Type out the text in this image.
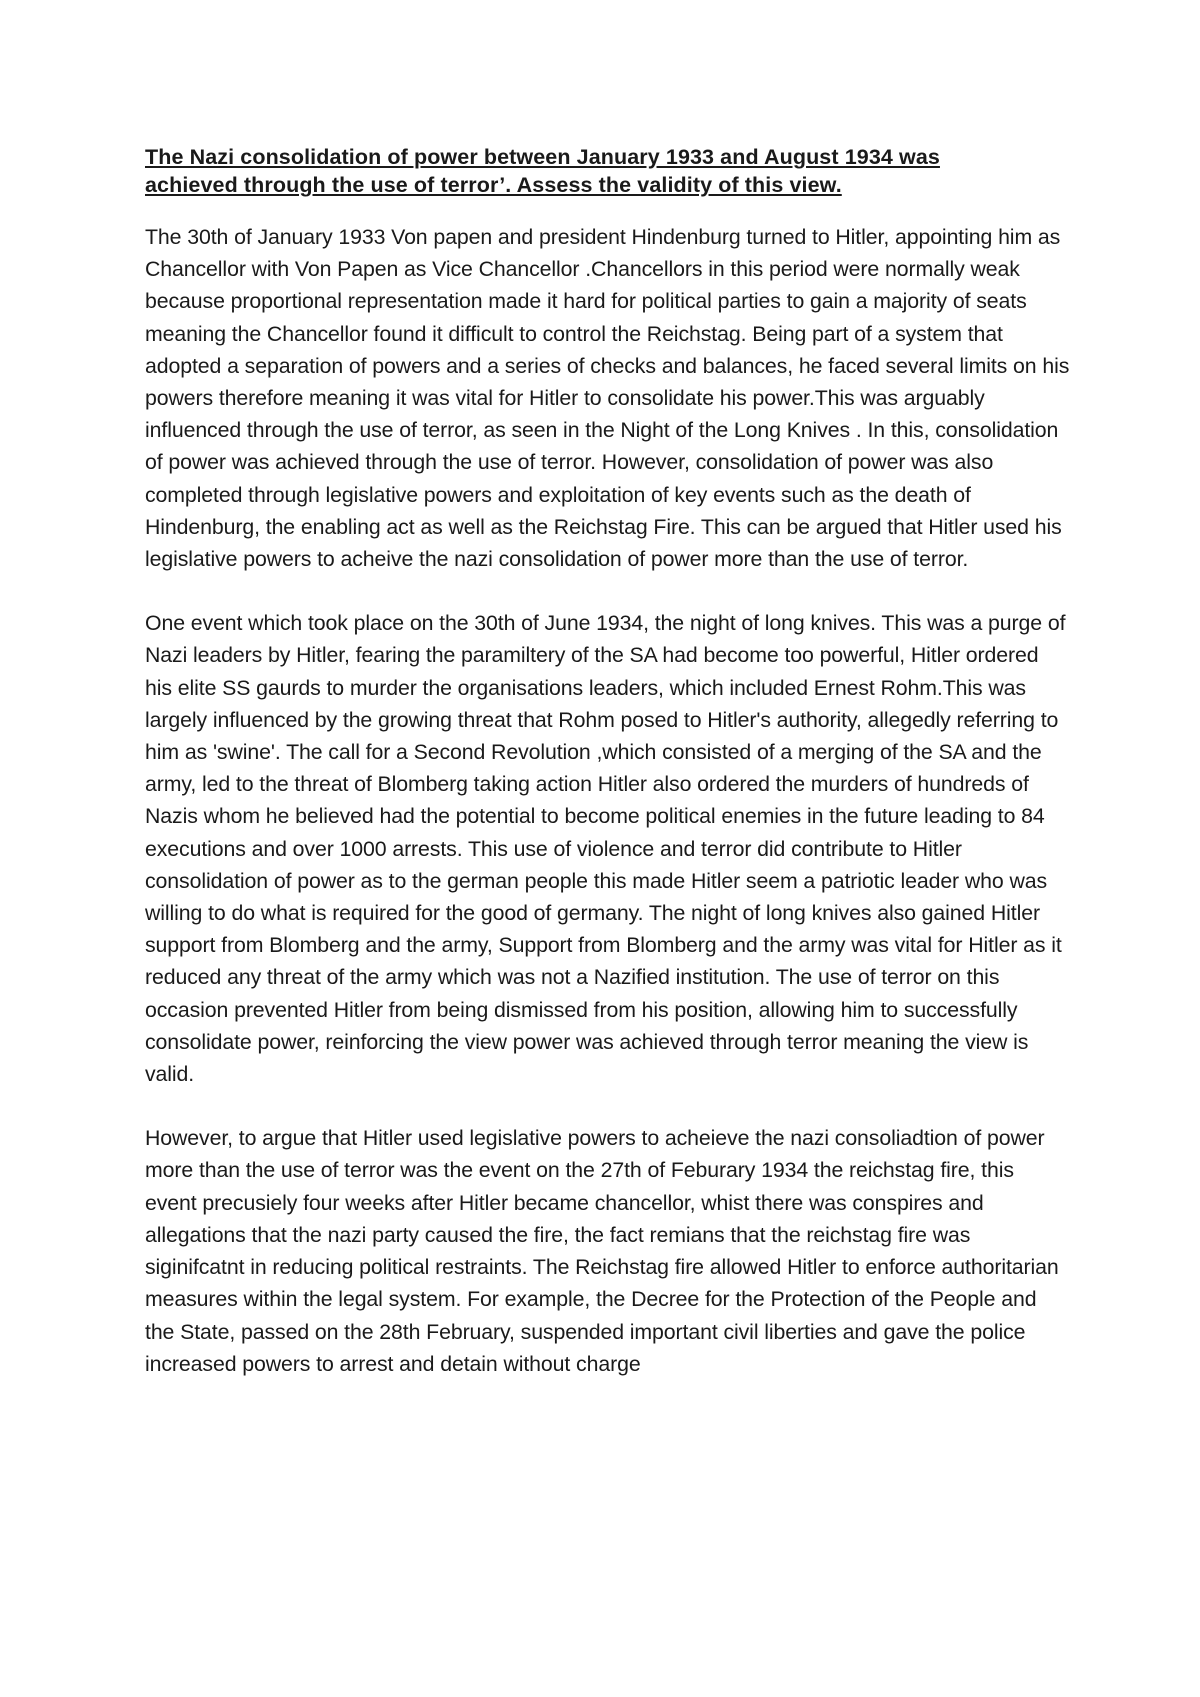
The Nazi consolidation of power between January 1933 and August 1934 was
achieved through the use of terror’. Assess the validity of this view.

The 30th of January 1933 Von papen and president Hindenburg turned to Hitler, appointing him as Chancellor with Von Papen as Vice Chancellor .Chancellors in this period were normally weak because proportional representation made it hard for political parties to gain a majority of seats meaning the Chancellor found it difficult to control the Reichstag. Being part of a system that adopted a separation of powers and a series of checks and balances, he faced several limits on his powers therefore meaning it was vital for Hitler to consolidate his power.This was arguably influenced through the use of terror, as seen in the Night of the Long Knives . In this, consolidation of power was achieved through the use of terror. However, consolidation of power was also completed through legislative powers and exploitation of key events such as the death of Hindenburg, the enabling act as well as the Reichstag Fire. This can be argued that Hitler used his legislative powers to acheive the nazi consolidation of power more than the use of terror.

One event which took place on the 30th of June 1934, the night of long knives. This was a purge of Nazi leaders by Hitler, fearing the paramiltery of the SA had become too powerful, Hitler ordered his elite SS gaurds to murder the organisations leaders, which included Ernest Rohm.This was largely influenced by the growing threat that Rohm posed to Hitler's authority, allegedly referring to him as 'swine'. The call for a Second Revolution ,which consisted of a merging of the SA and the army, led to the threat of Blomberg taking action Hitler also ordered the murders of hundreds of Nazis whom he believed had the potential to become political enemies in the future leading to 84 executions and over 1000 arrests. This use of violence and terror did contribute to Hitler consolidation of power as to the german people this made Hitler seem a patriotic leader who was willing to do what is required for the good of germany. The night of long knives also gained Hitler support from Blomberg and the army, Support from Blomberg and the army was vital for Hitler as it reduced any threat of the army which was not a Nazified institution. The use of terror on this occasion prevented Hitler from being dismissed from his position, allowing him to successfully consolidate power, reinforcing the view power was achieved through terror meaning the view is valid.

However, to argue that Hitler used legislative powers to acheieve the nazi consoliadtion of power more than the use of terror was the event on the 27th of Feburary 1934 the reichstag fire, this event precusiely four weeks after Hitler became chancellor, whist there was conspires and allegations that the nazi party caused the fire, the fact remians that the reichstag fire was siginifcatnt in reducing political restraints. The Reichstag fire allowed Hitler to enforce authoritarian measures within the legal system. For example, the Decree for the Protection of the People and the State, passed on the 28th February, suspended important civil liberties and gave the police increased powers to arrest and detain without charge
